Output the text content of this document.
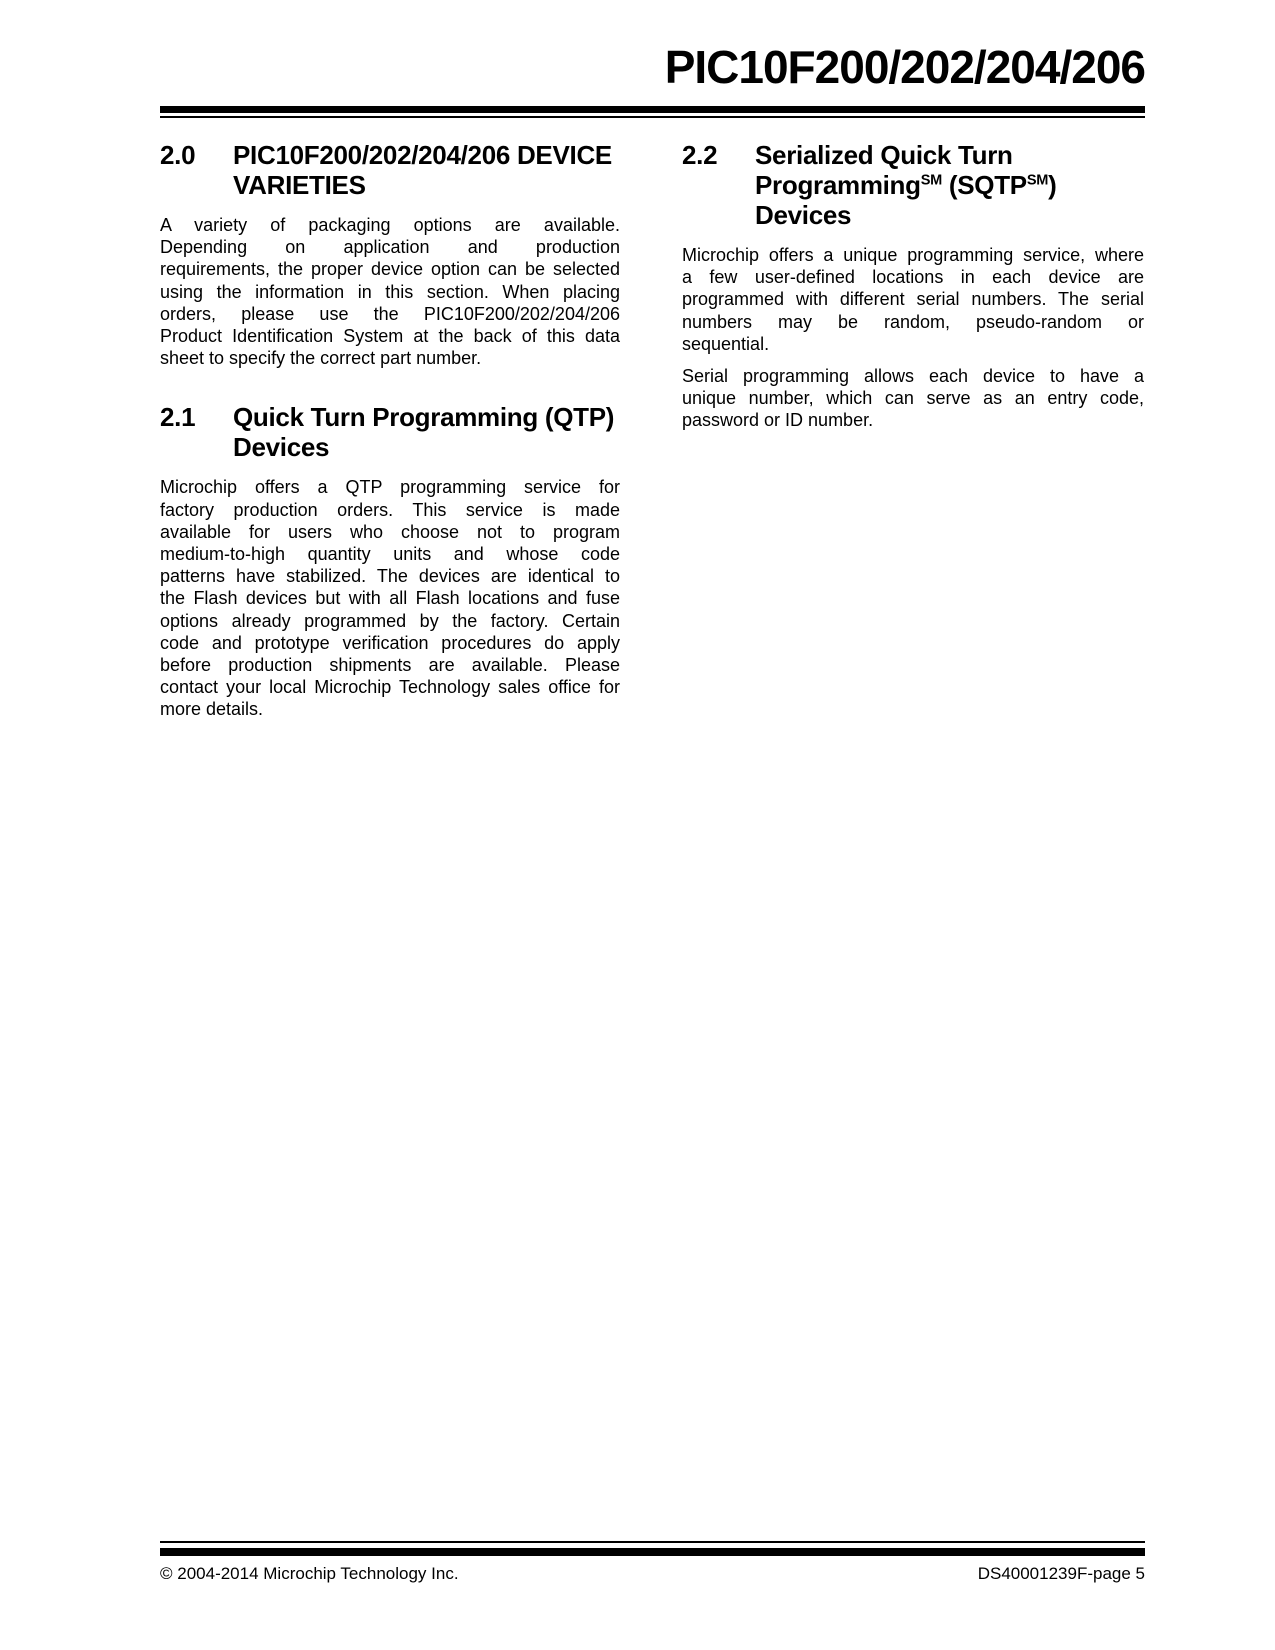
PIC10F200/202/204/206
2.0	PIC10F200/202/204/206 DEVICE
VARIETIES
A variety of packaging options are available.
Depending on application and production
requirements, the proper device option can be selected
using the information in this section. When placing
orders, please use the PIC10F200/202/204/206
Product Identification System at the back of this data
sheet to specify the correct part number.
2.1	Quick Turn Programming (QTP)
Devices
Microchip offers a QTP programming service for
factory production orders. This service is made
available for users who choose not to program
medium-to-high quantity units and whose code
patterns have stabilized. The devices are identical to
the Flash devices but with all Flash locations and fuse
options already programmed by the factory. Certain
code and prototype verification procedures do apply
before production shipments are available. Please
contact your local Microchip Technology sales office for
more details.
2.2	Serialized Quick Turn
Programming℠ (SQTP℠) Devices
Microchip offers a unique programming service, where
a few user-defined locations in each device are
programmed with different serial numbers. The serial
numbers may be random, pseudo-random or
sequential.
Serial programming allows each device to have a
unique number, which can serve as an entry code,
password or ID number.
© 2004-2014 Microchip Technology Inc.	DS40001239F-page 5
